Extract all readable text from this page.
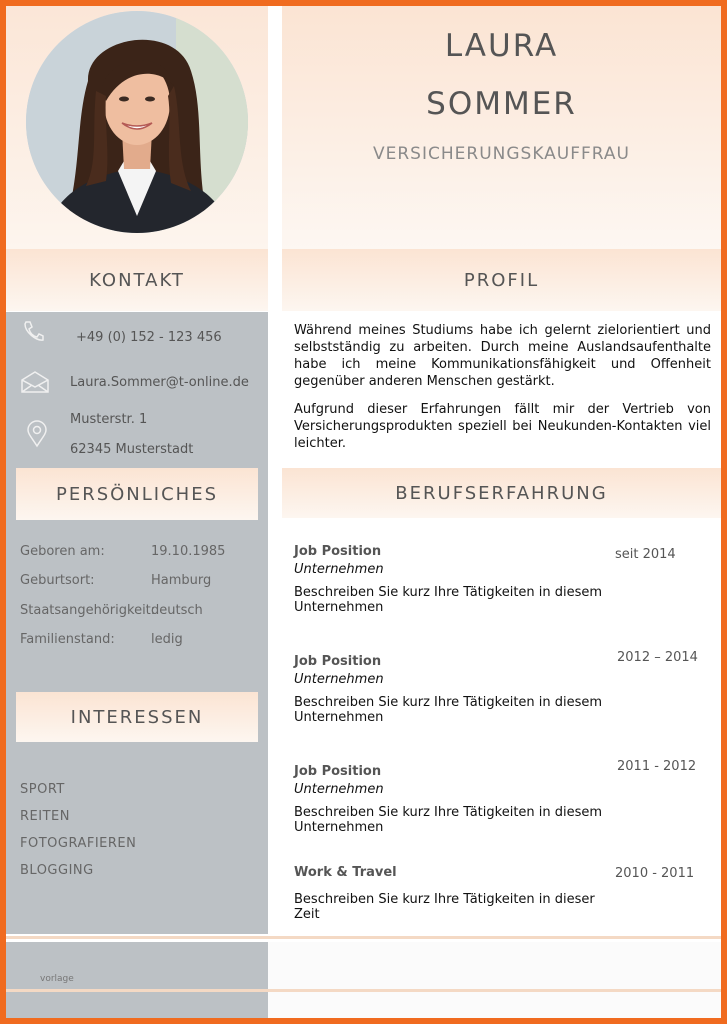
LAURA
SOMMER
VERSICHERUNGSKAUFFRAU
KONTAKT	PROFIL
+49 (0) 152 - 123 456
Laura.Sommer@t-online.de
Musterstr. 1
62345 Musterstadt
PERSÖNLICHES
Geboren am:	19.10.1985
Geburtsort:	Hamburg
Staatsangehörigkeit:
deutsch
Familienstand:	ledig
INTERESSEN
SPORT
REITEN
FOTOGRAFIEREN
BLOGGING

Während meines Studiums habe ich gelernt zielorientiert und selbstständig zu arbeiten. Durch meine Auslandsaufenthalte habe ich meine Kommunikationsfähigkeit und Offenheit gegenüber anderen Menschen gestärkt.

Aufgrund dieser Erfahrungen fällt mir der Vertrieb von Versicherungsprodukten speziell bei Neukunden-Kontakten viel leichter.

BERUFSERFAHRUNG
Job Position
Unternehmen
Beschreiben Sie kurz Ihre Tätigkeiten in diesem Unternehmen
seit 2014
Job Position
Unternehmen
Beschreiben Sie kurz Ihre Tätigkeiten in diesem Unternehmen
2012 – 2014
Job Position
Unternehmen
Beschreiben Sie kurz Ihre Tätigkeiten in diesem Unternehmen
2011 - 2012
Work & Travel
Beschreiben Sie kurz Ihre Tätigkeiten in dieser Zeit
2010 - 2011
vorlage
